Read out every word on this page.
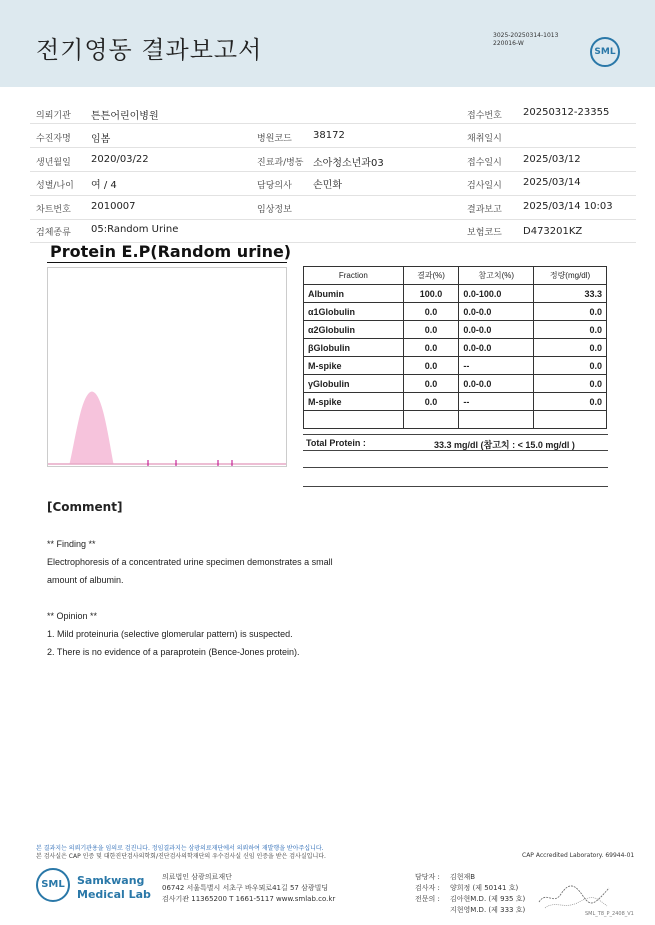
전기영동 결과보고서
3025-20250314-1013
220016-W
SML
의뢰기관 튼튼어린이병원	접수번호 20250312-23355
수진자명 임봄	병원코드 38172	채취일시
생년월일 2020/03/22	진료과/병동 소아청소년과03	접수일시 2025/03/12
성별/나이 여 / 4	담당의사 손민화	검사일시 2025/03/14
차트번호 2010007	임상정보	결과보고 2025/03/14 10:03
검체종류 05:Random Urine	보험코드 D473201KZ
Protein E.P(Random urine)
Fraction	결과(%)	참고치(%)	정량(mg/dl)
Albumin	100.0	0.0-100.0	33.3
α1Globulin	0.0	0.0-0.0	0.0
α2Globulin	0.0	0.0-0.0	0.0
βGlobulin	0.0	0.0-0.0	0.0
M-spike	0.0	--	0.0
γGlobulin	0.0	0.0-0.0	0.0
M-spike	0.0	--	0.0

Total Protein :	33.3 mg/dl (참고치 : < 15.0 mg/dl )
[Comment]
** Finding **
Electrophoresis of a concentrated urine specimen demonstrates a small
amount of albumin.
** Opinion **
1. Mild proteinuria (selective glomerular pattern) is suspected.
2. There is no evidence of a paraprotein (Bence-Jones protein).
본 결과지는 의뢰기관용을 임의로 검진니다. 정임결과지는 삼광의료재단에서 의뢰하여 재발행을 받아주십니다.
본 검사실은 CAP 인증 및 대한진단검사의학회/진단검사의학재단의 우수검사실 신임 인증을 받은 검사실입니다.	CAP Accredited Laboratory. 69944-01
SML	Samkwang
Medical Lab
의료법인 삼광의료재단
06742 서울특별시 서초구 바우뫼로41길 57 삼광빌딩
검사기관 11365200 T 1661-5117 www.smlab.co.kr
담당자 : 김현재B
검사자 : 양희정 (제 50141 호)
전문의 : 김아현M.D. (제 935 호)
지현영M.D. (제 333 호)	SML_T8_P_2408_V1
